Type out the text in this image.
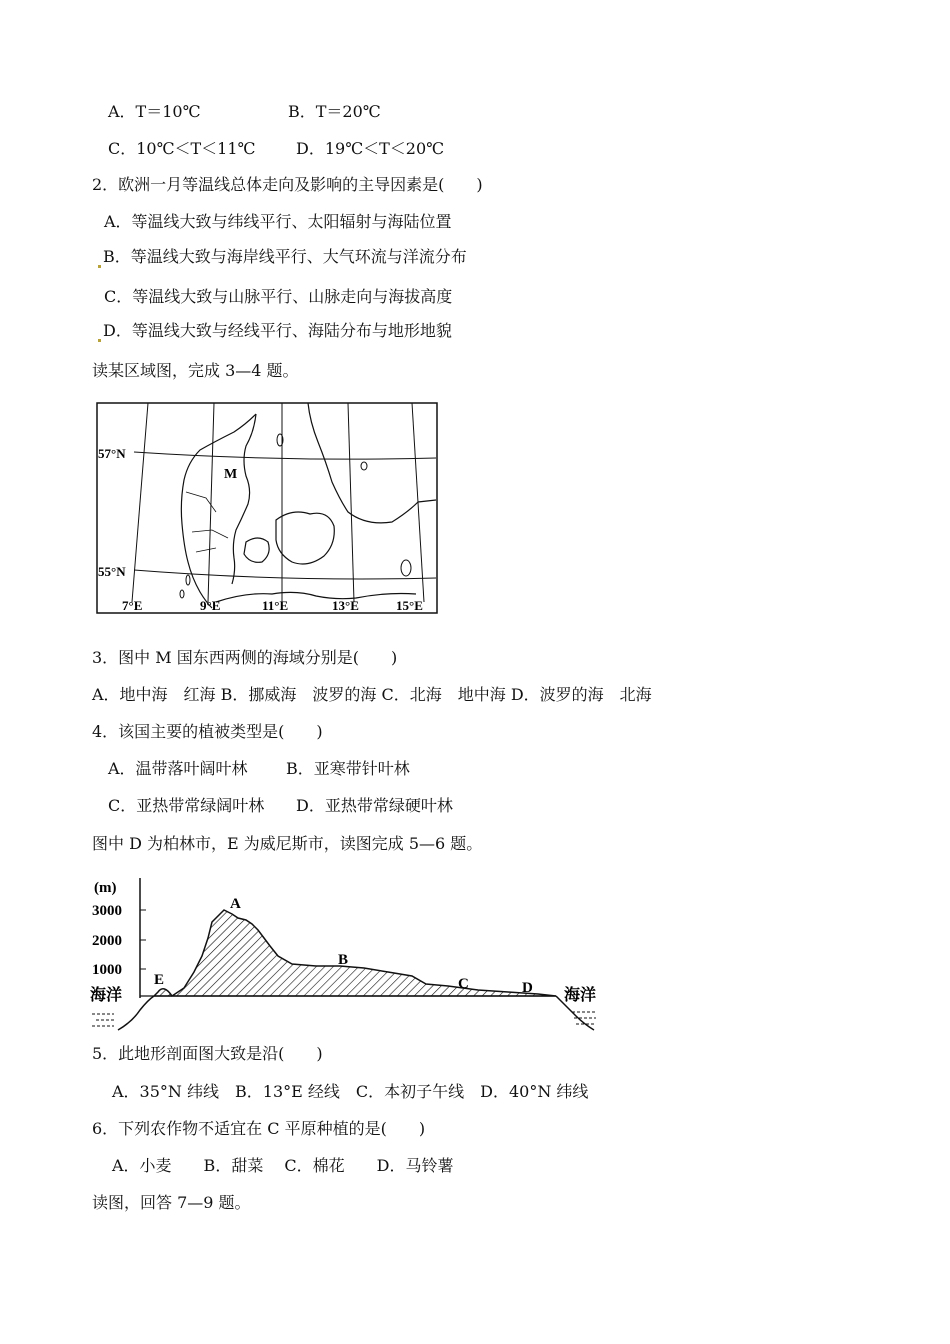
A．T＝10℃	B．T＝20℃
C．10℃＜T＜11℃	D．19℃＜T＜20℃
2．欧洲一月等温线总体走向及影响的主导因素是(　　)
A．等温线大致与纬线平行、太阳辐射与海陆位置
B．等温线大致与海岸线平行、大气环流与洋流分布
C．等温线大致与山脉平行、山脉走向与海拔高度
D．等温线大致与经线平行、海陆分布与地形地貌
读某区域图，完成 3—4 题。
57°N
55°N
7°E	9°E	11°E	13°E	15°E
M
3．图中 M 国东西两侧的海域分别是(　　)
A．地中海　红海 B．挪威海　波罗的海 C．北海　地中海 D．波罗的海　北海
4．该国主要的植被类型是(　　)
A．温带落叶阔叶林 B．亚寒带针叶林
C．亚热带常绿阔叶林 D．亚热带常绿硬叶林
图中 D 为柏林市，E 为威尼斯市，读图完成 5—6 题。
(m)
3000
2000
1000
海洋	海洋
A
B
C	D
E
5．此地形剖面图大致是沿(　　)
A．35°N 纬线　B．13°E 经线　C．本初子午线　D．40°N 纬线
6．下列农作物不适宜在 C 平原种植的是(　　)
A．小麦　　B．甜菜　 C．棉花　　D．马铃薯
读图，回答 7—9 题。
